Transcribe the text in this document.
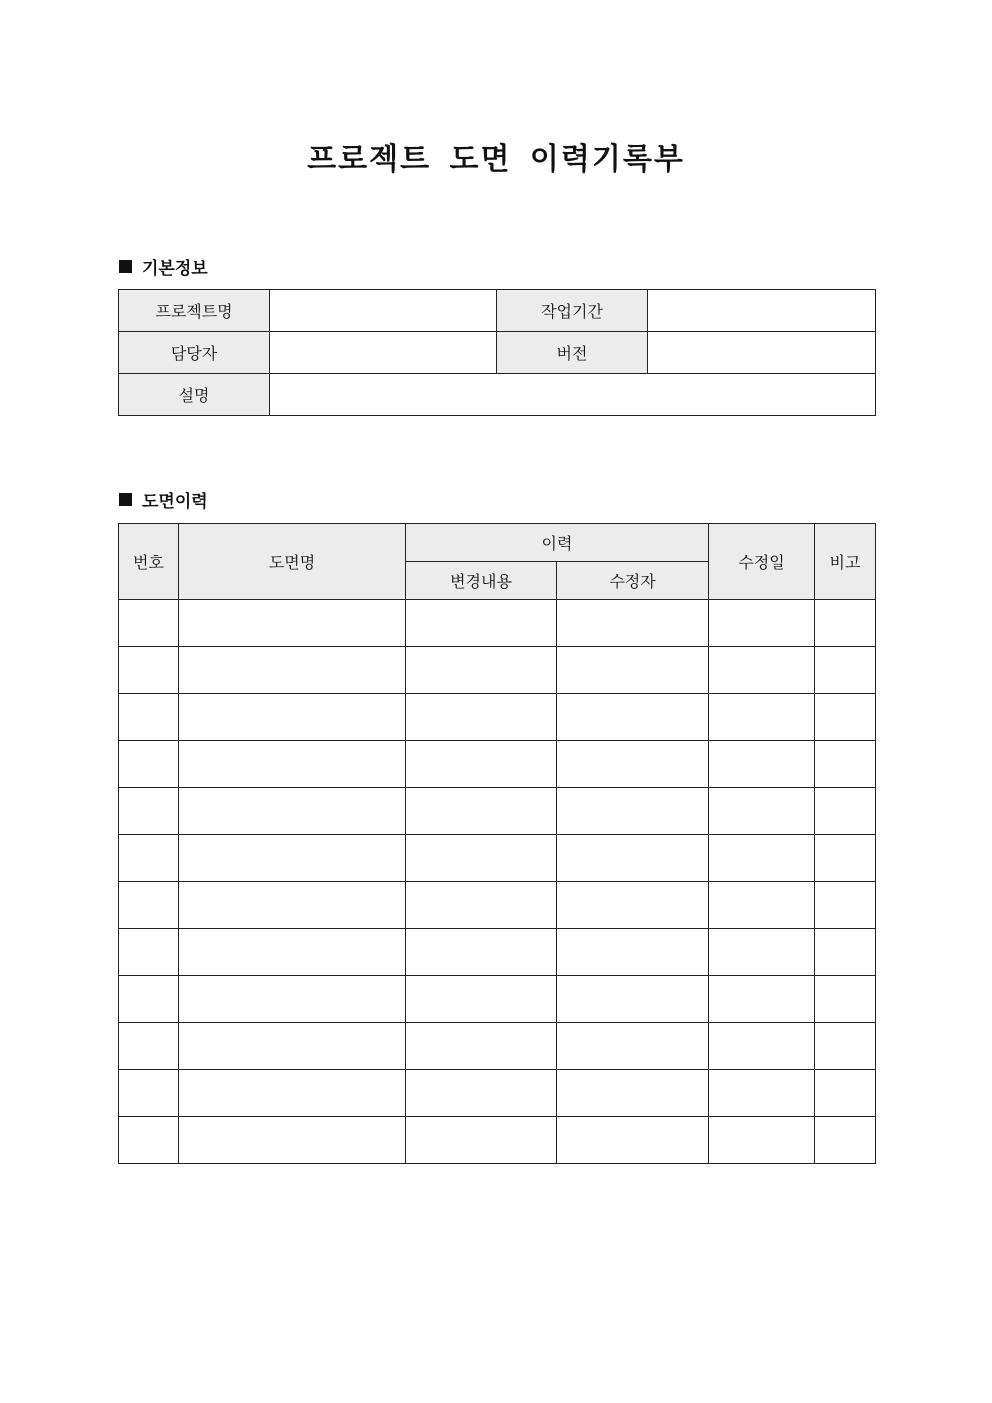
프로젝트 도면 이력기록부
기본정보
프로젝트명		작업기간	
담당자		버전	
설명			
도면이력
번호	도면명	이력		수정일	비고
		변경내용	수정자		
